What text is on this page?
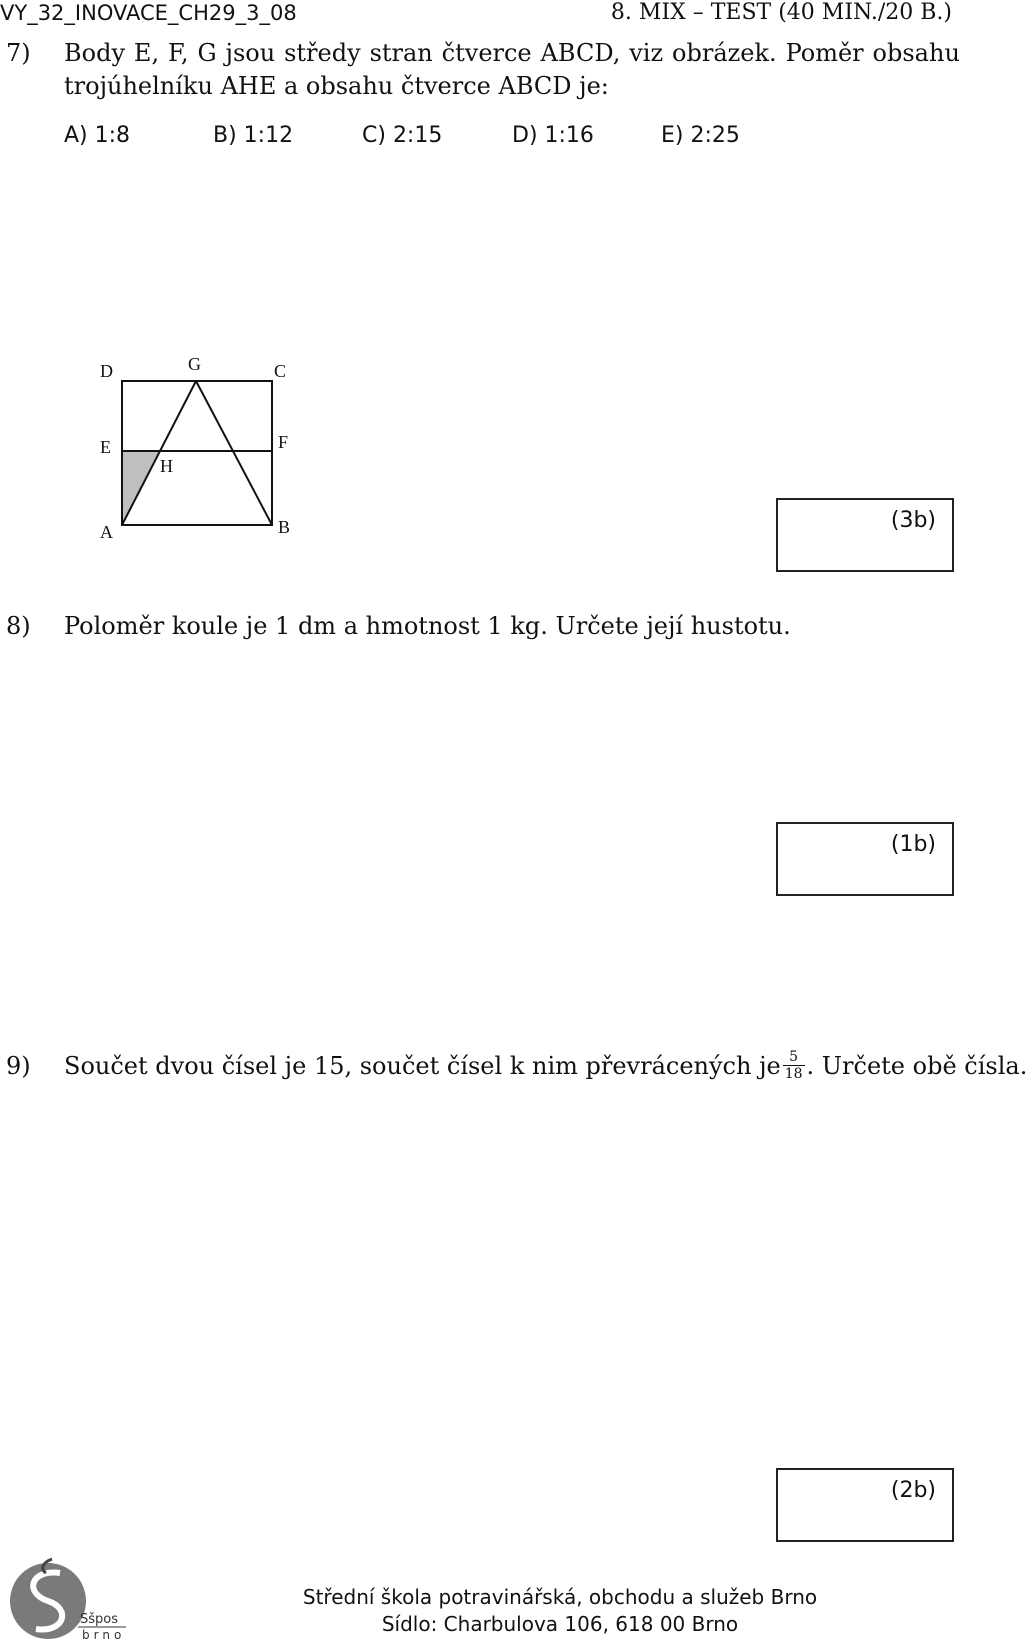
VY_32_INOVACE_CH29_3_08	8. MIX – TEST (40 MIN./20 B.)
7) Body E, F, G jsou středy stran čtverce ABCD, viz obrázek. Poměr obsahu
trojúhelníku AHE a obsahu čtverce ABCD je:
A) 1:8	B) 1:12	C) 2:15	D) 1:16	E) 2:25
D	G	C
E	F
H
A	B	(3b)
8) Poloměr koule je 1 dm a hmotnost 1 kg. Určete její hustotu.
(1b)
9) Součet dvou čísel je 15, součet čísel k nim převrácených je $\frac{5}{18}$ . Určete obě čísla.
(2b)
Sšpos
brno
Střední škola potravinářská, obchodu a služeb Brno
Sídlo: Charbulova 106, 618 00 Brno
